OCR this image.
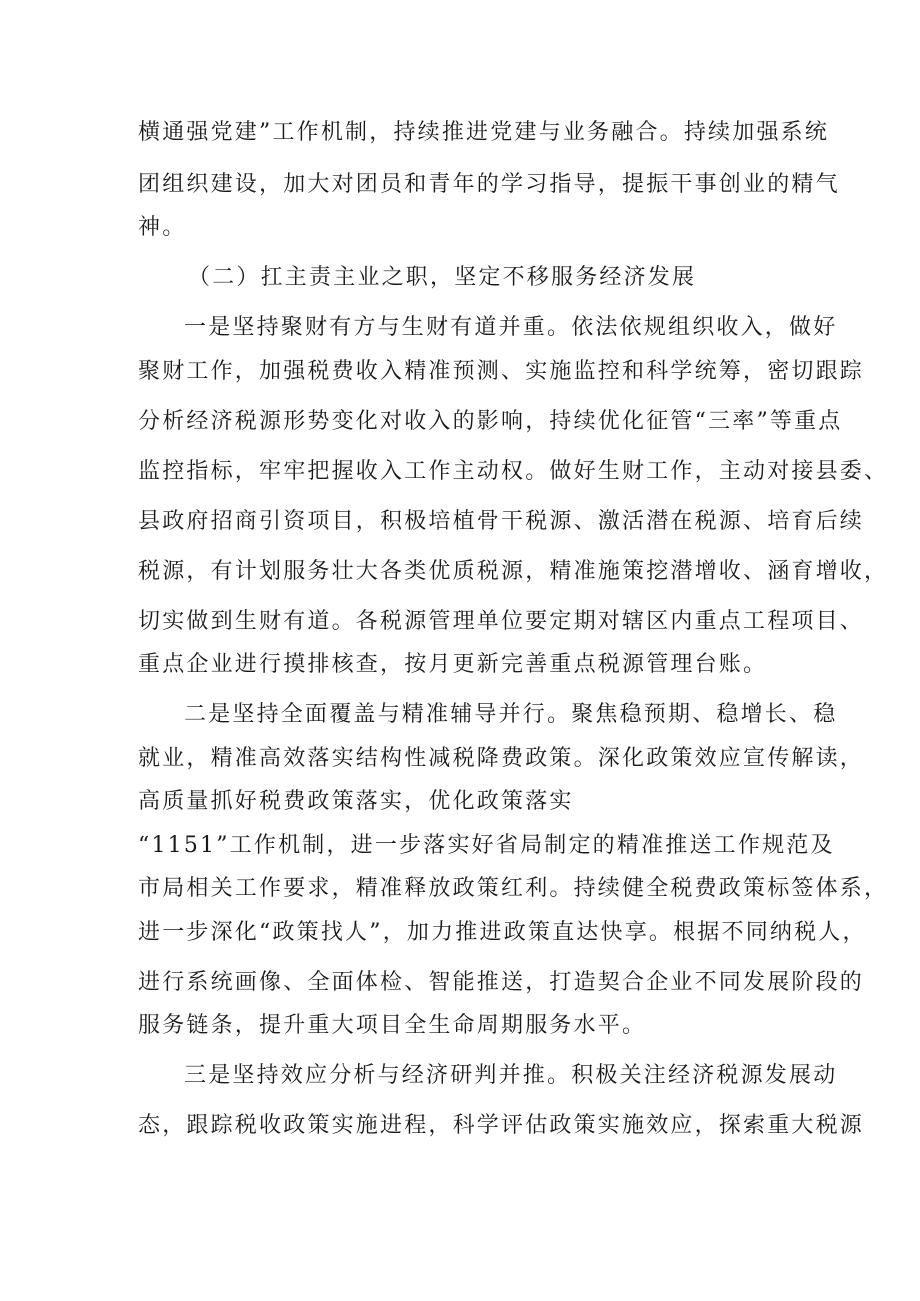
横通强党建”工作机制，持续推进党建与业务融合。持续加强系统
团组织建设，加大对团员和青年的学习指导，提振干事创业的精气
神。
（二）扛主责主业之职，坚定不移服务经济发展
一是坚持聚财有方与生财有道并重。依法依规组织收入，做好
聚财工作，加强税费收入精准预测、实施监控和科学统筹，密切跟踪
分析经济税源形势变化对收入的影响，持续优化征管“三率”等重点
监控指标，牢牢把握收入工作主动权。做好生财工作，主动对接县委、
县政府招商引资项目，积极培植骨干税源、激活潜在税源、培育后续
税源，有计划服务壮大各类优质税源，精准施策挖潜增收、涵育增收，
切实做到生财有道。各税源管理单位要定期对辖区内重点工程项目、
重点企业进行摸排核查，按月更新完善重点税源管理台账。
二是坚持全面覆盖与精准辅导并行。聚焦稳预期、稳增长、稳
就业，精准高效落实结构性减税降费政策。深化政策效应宣传解读，
高质量抓好税费政策落实，优化政策落实
“1151”工作机制，进一步落实好省局制定的精准推送工作规范及
市局相关工作要求，精准释放政策红利。持续健全税费政策标签体系，
进一步深化“政策找人”，加力推进政策直达快享。根据不同纳税人，
进行系统画像、全面体检、智能推送，打造契合企业不同发展阶段的
服务链条，提升重大项目全生命周期服务水平。
三是坚持效应分析与经济研判并推。积极关注经济税源发展动
态，跟踪税收政策实施进程，科学评估政策实施效应，探索重大税源
